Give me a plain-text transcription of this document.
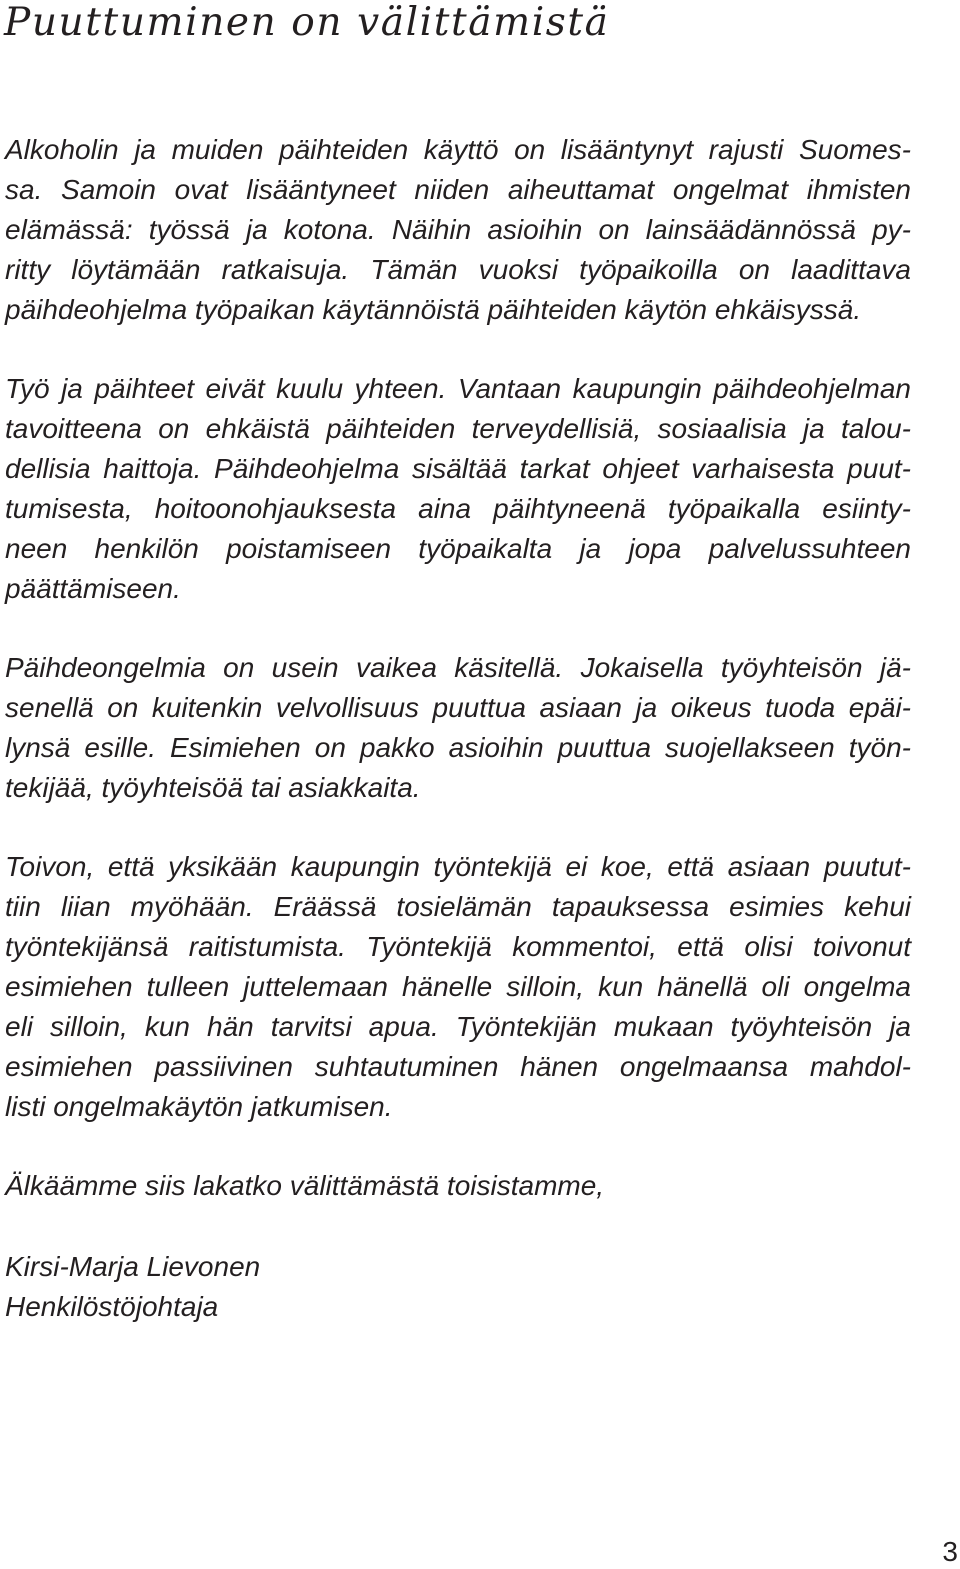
Puuttuminen on välittämistä

Alkoholin ja muiden päihteiden käyttö on lisääntynyt rajusti Suomes-
sa. Samoin ovat lisääntyneet niiden aiheuttamat ongelmat ihmisten
elämässä: työssä ja kotona. Näihin asioihin on lainsäädännössä py-
ritty löytämään ratkaisuja. Tämän vuoksi työpaikoilla on laadittava
päihdeohjelma työpaikan käytännöistä päihteiden käytön ehkäisyssä.

Työ ja päihteet eivät kuulu yhteen. Vantaan kaupungin päihdeohjelman
tavoitteena on ehkäistä päihteiden terveydellisiä, sosiaalisia ja talou-
dellisia haittoja. Päihdeohjelma sisältää tarkat ohjeet varhaisesta puut-
tumisesta, hoitoonohjauksesta aina päihtyneenä työpaikalla esiinty-
neen henkilön poistamiseen työpaikalta ja jopa palvelussuhteen
päättämiseen.

Päihdeongelmia on usein vaikea käsitellä. Jokaisella työyhteisön jä-
senellä on kuitenkin velvollisuus puuttua asiaan ja oikeus tuoda epäi-
lynsä esille. Esimiehen on pakko asioihin puuttua suojellakseen työn-
tekijää, työyhteisöä tai asiakkaita.

Toivon, että yksikään kaupungin työntekijä ei koe, että asiaan puutut-
tiin liian myöhään. Eräässä tosielämän tapauksessa esimies kehui
työntekijänsä raitistumista. Työntekijä kommentoi, että olisi toivonut
esimiehen tulleen juttelemaan hänelle silloin, kun hänellä oli ongelma
eli silloin, kun hän tarvitsi apua. Työntekijän mukaan työyhteisön ja
esimiehen passiivinen suhtautuminen hänen ongelmaansa mahdol-
listi ongelmakäytön jatkumisen.

Älkäämme siis lakatko välittämästä toisistamme,

Kirsi-Marja Lievonen
Henkilöstöjohtaja
3
